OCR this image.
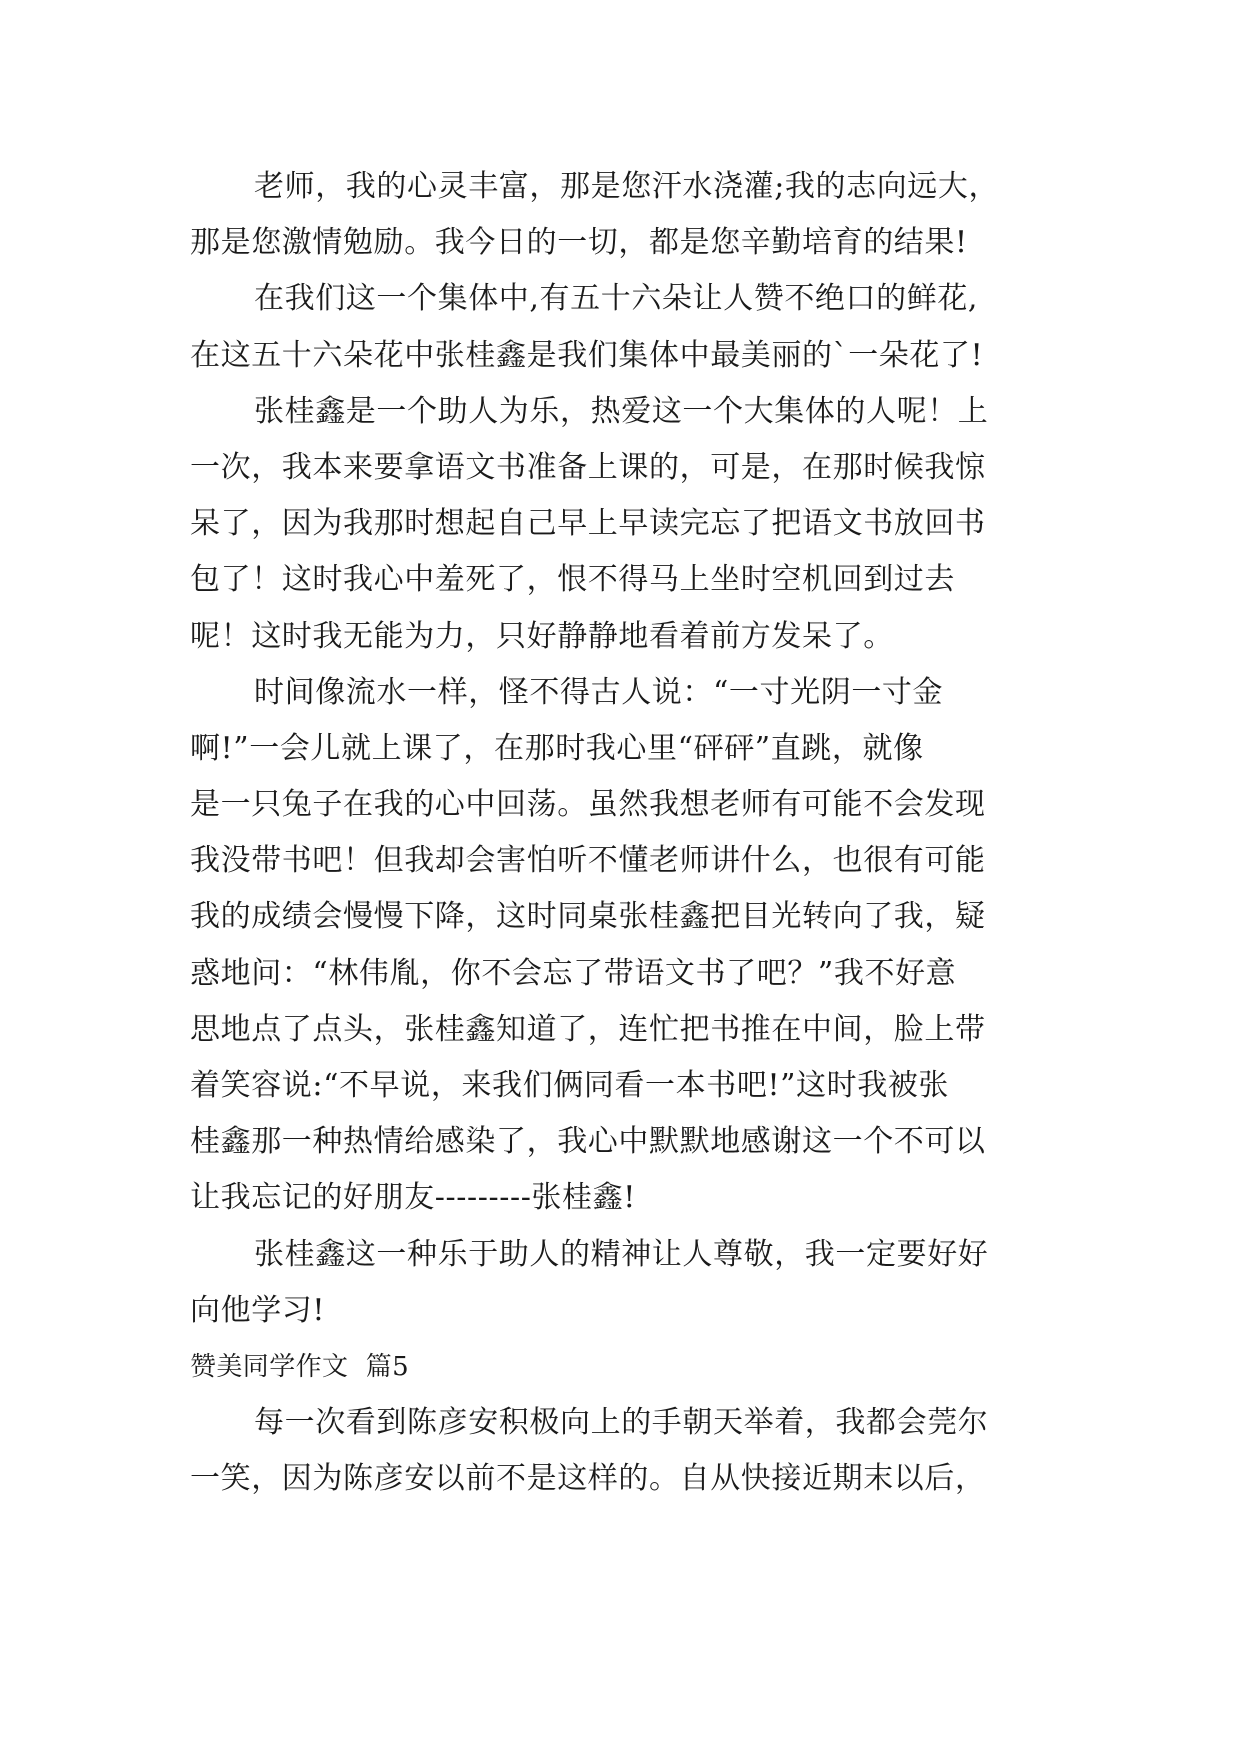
老师，我的心灵丰富，那是您汗水浇灌;我的志向远大，
那是您激情勉励。我今日的一切，都是您辛勤培育的结果!
在我们这一个集体中,有五十六朵让人赞不绝口的鲜花,
在这五十六朵花中张桂鑫是我们集体中最美丽的`一朵花了!
张桂鑫是一个助人为乐，热爱这一个大集体的人呢！上
一次，我本来要拿语文书准备上课的，可是，在那时候我惊
呆了，因为我那时想起自己早上早读完忘了把语文书放回书
包了！这时我心中羞死了，恨不得马上坐时空机回到过去
呢！这时我无能为力，只好静静地看着前方发呆了。
时间像流水一样，怪不得古人说：“一寸光阴一寸金
啊!”一会儿就上课了，在那时我心里“砰砰”直跳，就像
是一只兔子在我的心中回荡。虽然我想老师有可能不会发现
我没带书吧！但我却会害怕听不懂老师讲什么，也很有可能
我的成绩会慢慢下降，这时同桌张桂鑫把目光转向了我，疑
惑地问：“林伟胤，你不会忘了带语文书了吧？”我不好意
思地点了点头，张桂鑫知道了，连忙把书推在中间，脸上带
着笑容说:“不早说，来我们俩同看一本书吧!”这时我被张
桂鑫那一种热情给感染了，我心中默默地感谢这一个不可以
让我忘记的好朋友---------张桂鑫!
张桂鑫这一种乐于助人的精神让人尊敬，我一定要好好
向他学习!
赞美同学作文  篇5
每一次看到陈彦安积极向上的手朝天举着，我都会莞尔
一笑，因为陈彦安以前不是这样的。自从快接近期末以后，
